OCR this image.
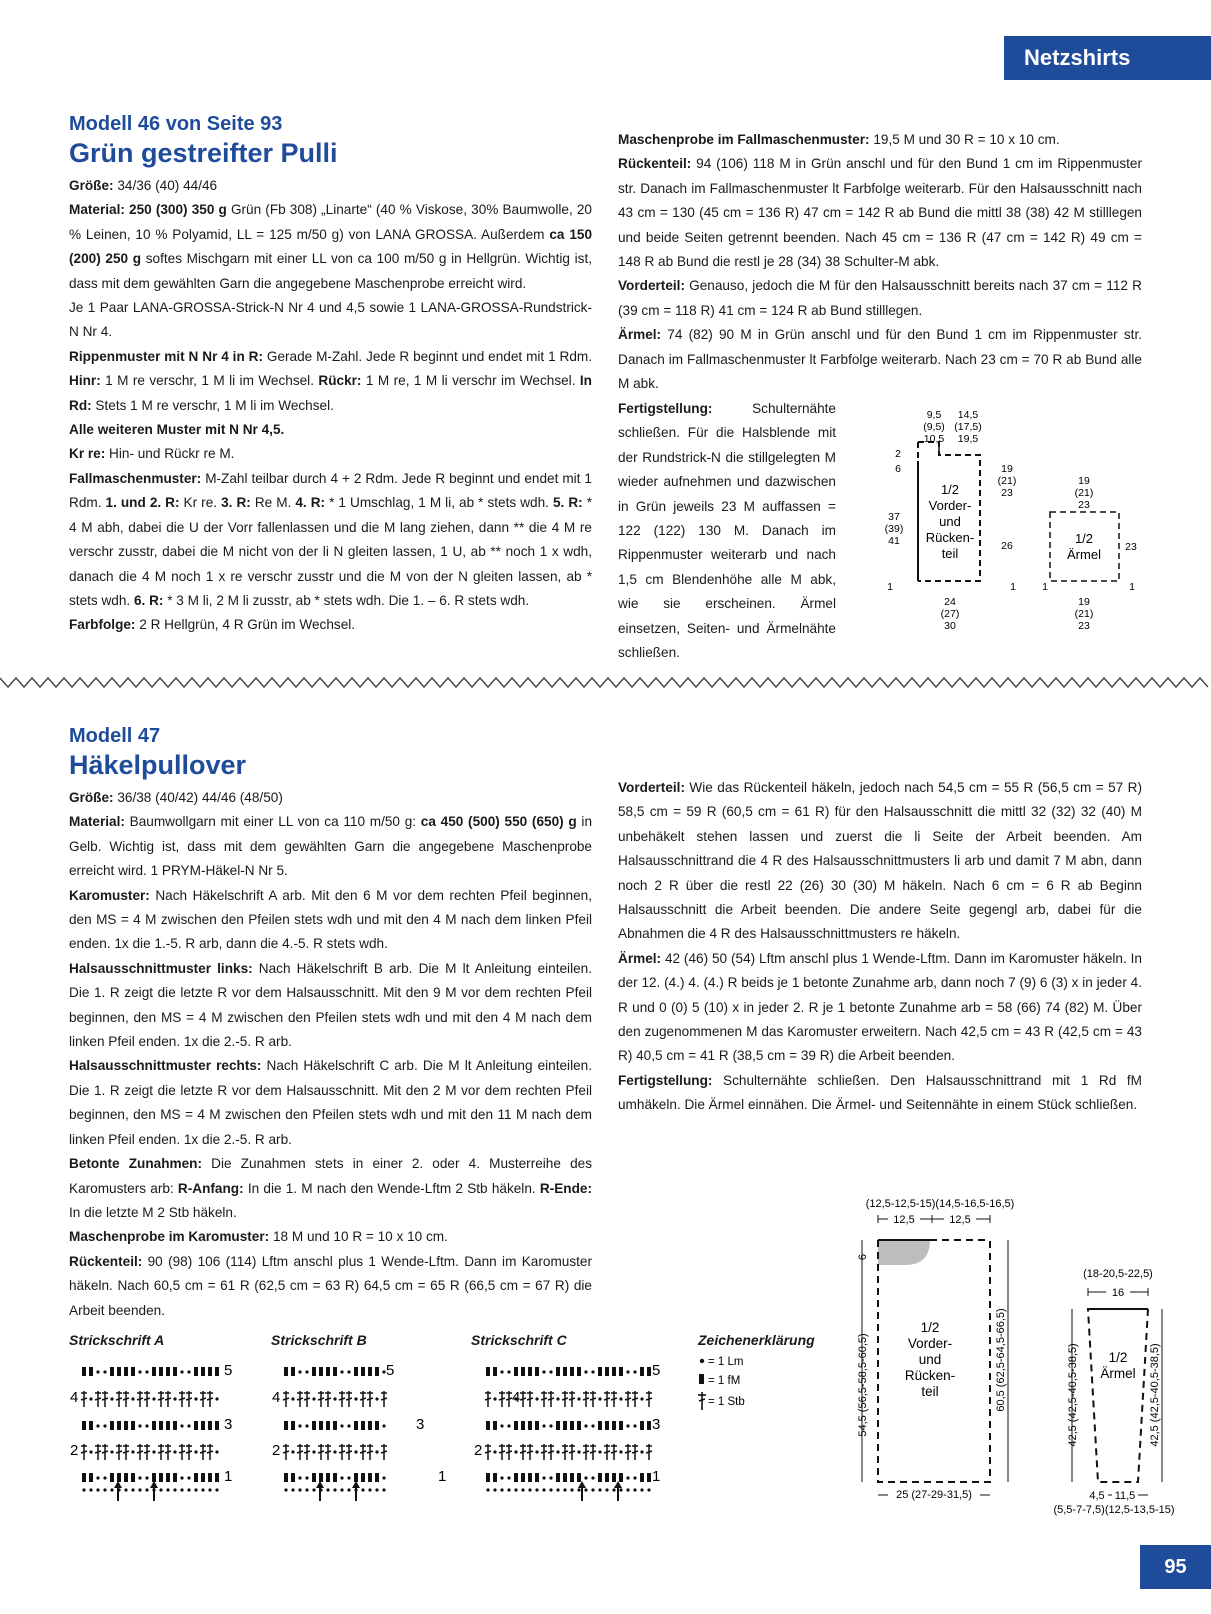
Netzshirts
Modell 46 von Seite 93
Grün gestreifter Pulli

Größe: 34/36 (40) 44/46

Material: 250 (300) 350 g Grün (Fb 308) „Linarte“ (40 % Viskose, 30% Baumwolle, 20 % Leinen, 10 % Polyamid, LL = 125 m/50 g) von LANA GROSSA. Außerdem ca 150 (200) 250 g softes Mischgarn mit einer LL von ca 100 m/50 g in Hellgrün. Wichtig ist, dass mit dem gewählten Garn die angegebene Maschenprobe erreicht wird.

Je 1 Paar LANA-GROSSA-Strick-N Nr 4 und 4,5 sowie 1 LANA-GROSSA-Rundstrick-N Nr 4.

Rippenmuster mit N Nr 4 in R: Gerade M-Zahl. Jede R beginnt und endet mit 1 Rdm. Hinr: 1 M re verschr, 1 M li im Wechsel. Rückr: 1 M re, 1 M li verschr im Wechsel. In Rd: Stets 1 M re verschr, 1 M li im Wechsel.

Alle weiteren Muster mit N Nr 4,5.

Kr re: Hin- und Rückr re M.

Fallmaschenmuster: M-Zahl teilbar durch 4 + 2 Rdm. Jede R beginnt und endet mit 1 Rdm. 1. und 2. R: Kr re. 3. R: Re M. 4. R: * 1 Umschlag, 1 M li, ab * stets wdh. 5. R: * 4 M abh, dabei die U der Vorr fallenlassen und die M lang ziehen, dann ** die 4 M re verschr zusstr, dabei die M nicht von der li N gleiten lassen, 1 U, ab ** noch 1 x wdh, danach die 4 M noch 1 x re verschr zusstr und die M von der N gleiten lassen, ab * stets wdh. 6. R: * 3 M li, 2 M li zusstr, ab * stets wdh. Die 1. – 6. R stets wdh.

Farbfolge: 2 R Hellgrün, 4 R Grün im Wechsel.

Maschenprobe im Fallmaschenmuster: 19,5 M und 30 R = 10 x 10 cm.

Rückenteil: 94 (106) 118 M in Grün anschl und für den Bund 1 cm im Rippenmuster str. Danach im Fallmaschenmuster lt Farbfolge weiterarb. Für den Halsausschnitt nach 43 cm = 130 (45 cm = 136 R) 47 cm = 142 R ab Bund die mittl 38 (38) 42 M stilllegen und beide Seiten getrennt beenden. Nach 45 cm = 136 R (47 cm = 142 R) 49 cm = 148 R ab Bund die restl je 28 (34) 38 Schulter-M abk.

Vorderteil: Genauso, jedoch die M für den Halsausschnitt bereits nach 37 cm = 112 R (39 cm = 118 R) 41 cm = 124 R ab Bund stilllegen.

Ärmel: 74 (82) 90 M in Grün anschl und für den Bund 1 cm im Rippenmuster str. Danach im Fallmaschenmuster lt Farbfolge weiterarb. Nach 23 cm = 70 R ab Bund alle M abk.

Fertigstellung: Schulternähte schließen. Für die Halsblende mit der Rundstrick-N die stillgelegten M wieder aufnehmen und dazwischen in Grün jeweils 23 M auffassen = 122 (122) 130 M. Danach im Rippenmuster weiterarb und nach 1,5 cm Blendenhöhe alle M abk, wie sie erscheinen. Ärmel einsetzen, Seiten- und Ärmelnähte schließen.

9,5 14,5
(9,5) (17,5)
10,5 19,5
2
6	19
(21)
23
37
(39)
41	26
1/2
Vorder-
und
Rücken-
teil
24
(27)
30
1	1 1	1
19
(21)
23
1/2
Ärmel 23
19
(21)
23
Modell 47
Häkelpullover

Größe: 36/38 (40/42) 44/46 (48/50)

Material: Baumwollgarn mit einer LL von ca 110 m/50 g: ca 450 (500) 550 (650) g in Gelb. Wichtig ist, dass mit dem gewählten Garn die angegebene Maschenprobe erreicht wird. 1 PRYM-Häkel-N Nr 5.

Karomuster: Nach Häkelschrift A arb. Mit den 6 M vor dem rechten Pfeil beginnen, den MS = 4 M zwischen den Pfeilen stets wdh und mit den 4 M nach dem linken Pfeil enden. 1x die 1.-5. R arb, dann die 4.-5. R stets wdh.

Halsausschnittmuster links: Nach Häkelschrift B arb. Die M lt Anleitung einteilen. Die 1. R zeigt die letzte R vor dem Halsausschnitt. Mit den 9 M vor dem rechten Pfeil beginnen, den MS = 4 M zwischen den Pfeilen stets wdh und mit den 4 M nach dem linken Pfeil enden. 1x die 2.-5. R arb.

Halsausschnittmuster rechts: Nach Häkelschrift C arb. Die M lt Anleitung einteilen. Die 1. R zeigt die letzte R vor dem Halsausschnitt. Mit den 2 M vor dem rechten Pfeil beginnen, den MS = 4 M zwischen den Pfeilen stets wdh und mit den 11 M nach dem linken Pfeil enden. 1x die 2.-5. R arb.

Betonte Zunahmen: Die Zunahmen stets in einer 2. oder 4. Musterreihe des Karomusters arb: R-Anfang: In die 1. M nach den Wende-Lftm 2 Stb häkeln. R-Ende: In die letzte M 2 Stb häkeln.

Maschenprobe im Karomuster: 18 M und 10 R = 10 x 10 cm.

Rückenteil: 90 (98) 106 (114) Lftm anschl plus 1 Wende-Lftm. Dann im Karomuster häkeln. Nach 60,5 cm = 61 R (62,5 cm = 63 R) 64,5 cm = 65 R (66,5 cm = 67 R) die Arbeit beenden.

Vorderteil: Wie das Rückenteil häkeln, jedoch nach 54,5 cm = 55 R (56,5 cm = 57 R) 58,5 cm = 59 R (60,5 cm = 61 R) für den Halsausschnitt die mittl 32 (32) 32 (40) M unbehäkelt stehen lassen und zuerst die li Seite der Arbeit beenden. Am Halsausschnittrand die 4 R des Halsausschnittmusters li arb und damit 7 M abn, dann noch 2 R über die restl 22 (26) 30 (30) M häkeln. Nach 6 cm = 6 R ab Beginn Halsausschnitt die Arbeit beenden. Die andere Seite gegengl arb, dabei für die Abnahmen die 4 R des Halsausschnittmusters re häkeln.

Ärmel: 42 (46) 50 (54) Lftm anschl plus 1 Wende-Lftm. Dann im Karomuster häkeln. In der 12. (4.) 4. (4.) R beids je 1 betonte Zunahme arb, dann noch 7 (9) 6 (3) x in jeder 4. R und 0 (0) 5 (10) x in jeder 2. R je 1 betonte Zunahme arb = 58 (66) 74 (82) M. Über den zugenommenen M das Karomuster erweitern. Nach 42,5 cm = 43 R (42,5 cm = 43 R) 40,5 cm = 41 R (38,5 cm = 39 R) die Arbeit beenden.

Fertigstellung: Schulternähte schließen. Den Halsausschnittrand mit 1 Rd fM umhäkeln. Die Ärmel einnähen. Die Ärmel- und Seitennähte in einem Stück schließen.

Strickschrift A	Strickschrift B	Strickschrift C
5
4
3
2
1
5
4
3
2
1
5
4
3
2
1
Zeichenerklärung
= 1 Lm
= 1 fM
= 1 Stb
(12,5-12,5-15)(14,5-16,5-16,5)
12,5	12,5
6
54,5 (56,5-58,5-60,5)	60,5 (62,5-64,5-66,5)
1/2
Vorder-
und
Rücken-
teil
25 (27-29-31,5)
(18-20,5-22,5)
16
1/2
Ärmel
42,5 (42,5-40,5-38,5)	42,5 (42,5-40,5-38,5)
4,5 11,5
(5,5-7-7,5)(12,5-13,5-15)
95
